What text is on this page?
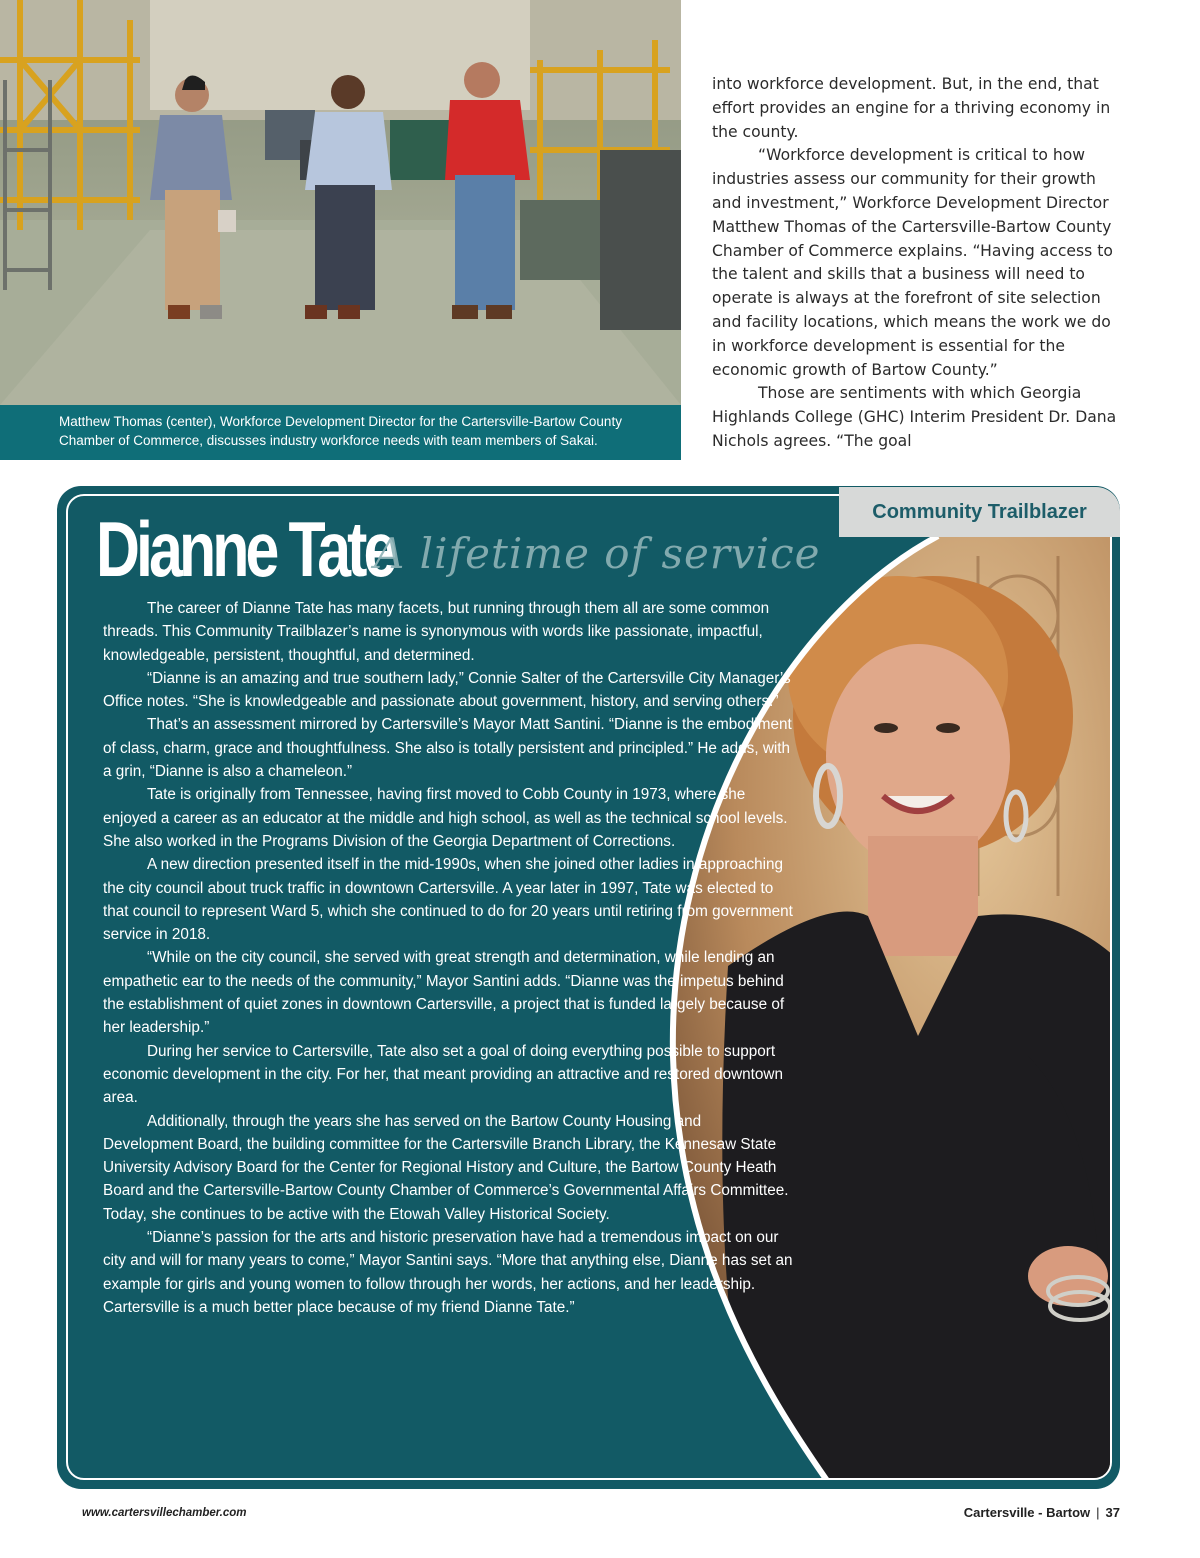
Matthew Thomas (center), Workforce Development Director for the Cartersville-Bartow County Chamber of Commerce, discusses industry workforce needs with team members of Sakai.

into workforce development. But, in the end, that effort provides an engine for a thriving economy in the county.

“Workforce development is critical to how industries assess our community for their growth and investment,” Workforce Development Director Matthew Thomas of the Cartersville-Bartow County Chamber of Commerce explains. “Having access to the talent and skills that a business will need to operate is always at the forefront of site selection and facility locations, which means the work we do in workforce development is essential for the economic growth of Bartow County.”

Those are sentiments with which Georgia Highlands College (GHC) Interim President Dr. Dana Nichols agrees. “The goal

Community Trailblazer
Dianne Tate
A lifetime of service

The career of Dianne Tate has many facets, but running through them all are some common threads. This Community Trailblazer’s name is synonymous with words like passionate, impactful, knowledgeable, persistent, thoughtful, and determined.

“Dianne is an amazing and true southern lady,” Connie Salter of the Cartersville City Manager’s Office notes. “She is knowledgeable and passionate about government, history, and serving others.”

That’s an assessment mirrored by Cartersville’s Mayor Matt Santini. “Dianne is the embodiment of class, charm, grace and thoughtfulness. She also is totally persistent and principled.” He adds, with a grin, “Dianne is also a chameleon.”

Tate is originally from Tennessee, having first moved to Cobb County in 1973, where she enjoyed a career as an educator at the middle and high school, as well as the technical school levels. She also worked in the Programs Division of the Georgia Department of Corrections.

A new direction presented itself in the mid-1990s, when she joined other ladies in approaching the city council about truck traffic in downtown Cartersville. A year later in 1997, Tate was elected to that council to represent Ward 5, which she continued to do for 20 years until retiring from government service in 2018.

“While on the city council, she served with great strength and determination, while lending an empathetic ear to the needs of the community,” Mayor Santini adds. “Dianne was the impetus behind the establishment of quiet zones in downtown Cartersville, a project that is funded largely because of her leadership.”

During her service to Cartersville, Tate also set a goal of doing everything possible to support economic development in the city. For her, that meant providing an attractive and restored downtown area.

Additionally, through the years she has served on the Bartow County Housing and Development Board, the building committee for the Cartersville Branch Library, the Kennesaw State University Advisory Board for the Center for Regional History and Culture, the Bartow County Heath Board and the Cartersville-Bartow County Chamber of Commerce’s Governmental Affairs Committee. Today, she continues to be active with the Etowah Valley Historical Society.

“Dianne’s passion for the arts and historic preservation have had a tremendous impact on our city and will for many years to come,” Mayor Santini says. “More that anything else, Dianne has set an example for girls and young women to follow through her words, her actions, and her leadership. Cartersville is a much better place because of my friend Dianne Tate.”

www.cartersvillechamber.com	Cartersville - Bartow | 37
